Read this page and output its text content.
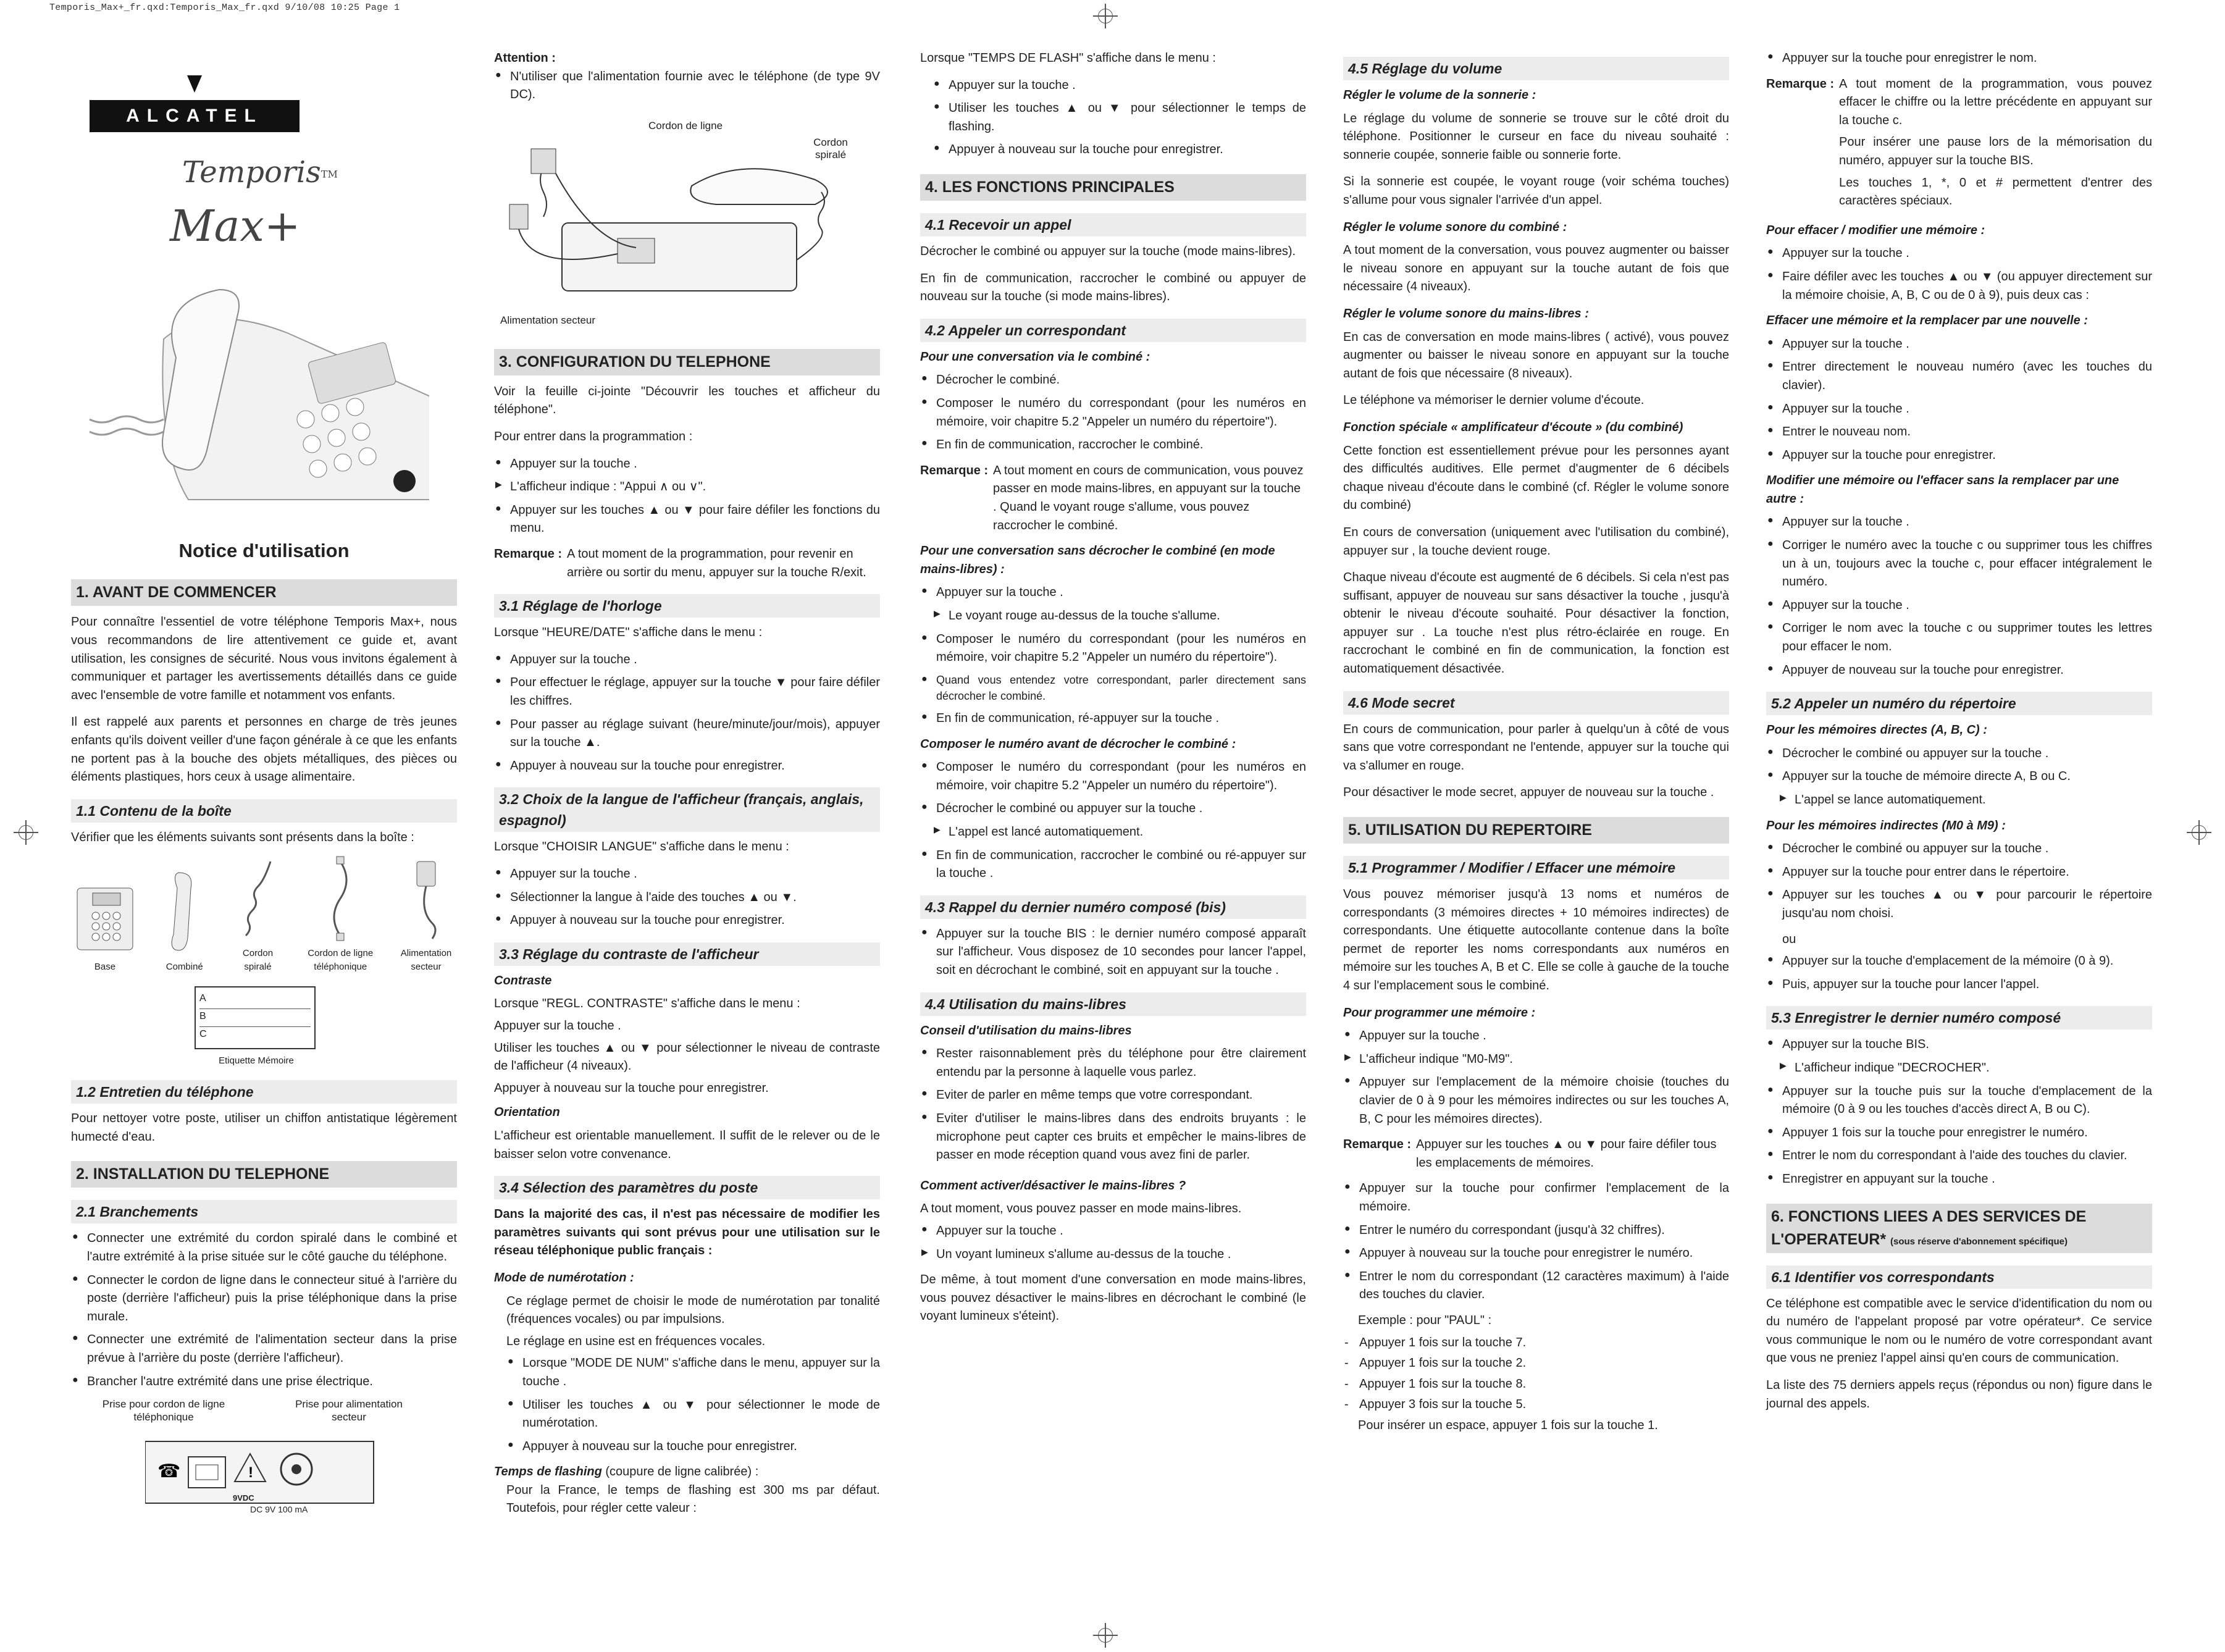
Temporis_Max+_fr.qxd:Temporis_Max_fr.qxd 9/10/08 10:25 Page 1
ALCATEL
Temporis™
Max+
Notice d'utilisation
1. AVANT DE COMMENCER

Pour connaître l'essentiel de votre téléphone Temporis Max+, nous vous recommandons de lire attentivement ce guide et, avant utilisation, les consignes de sécurité. Nous vous invitons également à communiquer et partager les avertissements détaillés dans ce guide avec l'ensemble de votre famille et notamment vos enfants.

Il est rappelé aux parents et personnes en charge de très jeunes enfants qu'ils doivent veiller d'une façon générale à ce que les enfants ne portent pas à la bouche des objets métalliques, des pièces ou éléments plastiques, hors ceux à usage alimentaire.

1.1 Contenu de la boîte

Vérifier que les éléments suivants sont présents dans la boîte :

Base	Combiné
Cordon spiralé
Cordon de ligne téléphonique
Alimentation secteur
A
B
C
Etiquette Mémoire
1.2 Entretien du téléphone

Pour nettoyer votre poste, utiliser un chiffon antistatique légèrement humecté d'eau.

2. INSTALLATION DU TELEPHONE
2.1 Branchements
● Connecter une extrémité du cordon spiralé dans le combiné et l'autre extrémité à la prise située sur le côté gauche du téléphone.
● Connecter le cordon de ligne dans le connecteur situé à l'arrière du poste (derrière l'afficheur) puis la prise téléphonique dans la prise murale.
● Connecter une extrémité de l'alimentation secteur dans la prise prévue à l'arrière du poste (derrière l'afficheur).
● Brancher l'autre extrémité dans une prise électrique.
Prise pour cordon de ligne téléphonique
Prise pour alimentation secteur
☎	!
9VDC
DC 9V 100 mA
Attention :
● N'utiliser que l'alimentation fournie avec le téléphone (de type 9V DC).
Cordon de ligne
Cordon spiralé
Alimentation secteur
3. CONFIGURATION DU TELEPHONE

Voir la feuille ci-jointe "Découvrir les touches et afficheur du téléphone".

Pour entrer dans la programmation :

● Appuyer sur la touche .
▶ L'afficheur indique : "Appui ∧ ou ∨".
● Appuyer sur les touches ▲ ou ▼ pour faire défiler les fonctions du menu.
Remarque : A tout moment de la programmation, pour revenir en arrière ou sortir du menu, appuyer sur la touche R/exit.
3.1 Réglage de l'horloge

Lorsque "HEURE/DATE" s'affiche dans le menu :

● Appuyer sur la touche .
● Pour effectuer le réglage, appuyer sur la touche ▼ pour faire défiler les chiffres.
● Pour passer au réglage suivant (heure/minute/jour/mois), appuyer sur la touche ▲.
● Appuyer à nouveau sur la touche pour enregistrer.
3.2 Choix de la langue de l'afficheur (français, anglais, espagnol)

Lorsque "CHOISIR LANGUE" s'affiche dans le menu :

● Appuyer sur la touche .
● Sélectionner la langue à l'aide des touches ▲ ou ▼.
● Appuyer à nouveau sur la touche pour enregistrer.
3.3 Réglage du contraste de l'afficheur
Contraste

Lorsque "REGL. CONTRASTE" s'affiche dans le menu :

Appuyer sur la touche .

Utiliser les touches ▲ ou ▼ pour sélectionner le niveau de contraste de l'afficheur (4 niveaux).

Appuyer à nouveau sur la touche pour enregistrer.

Orientation

L'afficheur est orientable manuellement. Il suffit de le relever ou de le baisser selon votre convenance.

3.4 Sélection des paramètres du poste

Dans la majorité des cas, il n'est pas nécessaire de modifier les paramètres suivants qui sont prévus pour une utilisation sur le réseau téléphonique public français :

Mode de numérotation :

Ce réglage permet de choisir le mode de numérotation par tonalité (fréquences vocales) ou par impulsions.

Le réglage en usine est en fréquences vocales.

● Lorsque "MODE DE NUM" s'affiche dans le menu, appuyer sur la touche .
● Utiliser les touches ▲ ou ▼ pour sélectionner le mode de numérotation.
● Appuyer à nouveau sur la touche pour enregistrer.
Temps de flashing (coupure de ligne calibrée) :

Pour la France, le temps de flashing est 300 ms par défaut. Toutefois, pour régler cette valeur :

Lorsque "TEMPS DE FLASH" s'affiche dans le menu :

● Appuyer sur la touche .
● Utiliser les touches ▲ ou ▼ pour sélectionner le temps de flashing.
● Appuyer à nouveau sur la touche pour enregistrer.
4. LES FONCTIONS PRINCIPALES
4.1 Recevoir un appel

Décrocher le combiné ou appuyer sur la touche (mode mains-libres).

En fin de communication, raccrocher le combiné ou appuyer de nouveau sur la touche (si mode mains-libres).

4.2 Appeler un correspondant
Pour une conversation via le combiné :
● Décrocher le combiné.
● Composer le numéro du correspondant (pour les numéros en mémoire, voir chapitre 5.2 "Appeler un numéro du répertoire").
● En fin de communication, raccrocher le combiné.
Remarque : A tout moment en cours de communication, vous pouvez passer en mode mains-libres, en appuyant sur la touche . Quand le voyant rouge s'allume, vous pouvez raccrocher le combiné.
Pour une conversation sans décrocher le combiné (en mode mains-libres) :
● Appuyer sur la touche .
▶ Le voyant rouge au-dessus de la touche s'allume.
● Composer le numéro du correspondant (pour les numéros en mémoire, voir chapitre 5.2 "Appeler un numéro du répertoire").
● Quand vous entendez votre correspondant, parler directement sans décrocher le combiné.
● En fin de communication, ré-appuyer sur la touche .
Composer le numéro avant de décrocher le combiné :
● Composer le numéro du correspondant (pour les numéros en mémoire, voir chapitre 5.2 "Appeler un numéro du répertoire").
● Décrocher le combiné ou appuyer sur la touche .
▶ L'appel est lancé automatiquement.
● En fin de communication, raccrocher le combiné ou ré-appuyer sur la touche .
4.3 Rappel du dernier numéro composé (bis)
● Appuyer sur la touche BIS : le dernier numéro composé apparaît sur l'afficheur. Vous disposez de 10 secondes pour lancer l'appel, soit en décrochant le combiné, soit en appuyant sur la touche .
4.4 Utilisation du mains-libres
Conseil d'utilisation du mains-libres
● Rester raisonnablement près du téléphone pour être clairement entendu par la personne à laquelle vous parlez.
● Eviter de parler en même temps que votre correspondant.
● Eviter d'utiliser le mains-libres dans des endroits bruyants : le microphone peut capter ces bruits et empêcher le mains-libres de passer en mode réception quand vous avez fini de parler.
Comment activer/désactiver le mains-libres ?

A tout moment, vous pouvez passer en mode mains-libres.

● Appuyer sur la touche .
▶ Un voyant lumineux s'allume au-dessus de la touche .

De même, à tout moment d'une conversation en mode mains-libres, vous pouvez désactiver le mains-libres en décrochant le combiné (le voyant lumineux s'éteint).

4.5 Réglage du volume
Régler le volume de la sonnerie :

Le réglage du volume de sonnerie se trouve sur le côté droit du téléphone. Positionner le curseur en face du niveau souhaité : sonnerie coupée, sonnerie faible ou sonnerie forte.

Si la sonnerie est coupée, le voyant rouge (voir schéma touches) s'allume pour vous signaler l'arrivée d'un appel.

Régler le volume sonore du combiné :

A tout moment de la conversation, vous pouvez augmenter ou baisser le niveau sonore en appuyant sur la touche autant de fois que nécessaire (4 niveaux).

Régler le volume sonore du mains-libres :

En cas de conversation en mode mains-libres ( activé), vous pouvez augmenter ou baisser le niveau sonore en appuyant sur la touche autant de fois que nécessaire (8 niveaux).

Le téléphone va mémoriser le dernier volume d'écoute.

Fonction spéciale « amplificateur d'écoute » (du combiné)

Cette fonction est essentiellement prévue pour les personnes ayant des difficultés auditives. Elle permet d'augmenter de 6 décibels chaque niveau d'écoute dans le combiné (cf. Régler le volume sonore du combiné)

En cours de conversation (uniquement avec l'utilisation du combiné), appuyer sur , la touche devient rouge.

Chaque niveau d'écoute est augmenté de 6 décibels. Si cela n'est pas suffisant, appuyer de nouveau sur sans désactiver la touche , jusqu'à obtenir le niveau d'écoute souhaité. Pour désactiver la fonction, appuyer sur . La touche n'est plus rétro-éclairée en rouge. En raccrochant le combiné en fin de communication, la fonction est automatiquement désactivée.

4.6 Mode secret

En cours de communication, pour parler à quelqu'un à côté de vous sans que votre correspondant ne l'entende, appuyer sur la touche qui va s'allumer en rouge.

Pour désactiver le mode secret, appuyer de nouveau sur la touche .

5. UTILISATION DU REPERTOIRE
5.1 Programmer / Modifier / Effacer une mémoire

Vous pouvez mémoriser jusqu'à 13 noms et numéros de correspondants (3 mémoires directes + 10 mémoires indirectes) de correspondants. Une étiquette autocollante contenue dans la boîte permet de reporter les noms correspondants aux numéros en mémoire sur les touches A, B et C. Elle se colle à gauche de la touche 4 sur l'emplacement sous le combiné.

Pour programmer une mémoire :
● Appuyer sur la touche .
▶ L'afficheur indique "M0-M9".
● Appuyer sur l'emplacement de la mémoire choisie (touches du clavier de 0 à 9 pour les mémoires indirectes ou sur les touches A, B, C pour les mémoires directes).
Remarque : Appuyer sur les touches ▲ ou ▼ pour faire défiler tous les emplacements de mémoires.
● Appuyer sur la touche pour confirmer l'emplacement de la mémoire.
● Entrer le numéro du correspondant (jusqu'à 32 chiffres).
● Appuyer à nouveau sur la touche pour enregistrer le numéro.
● Entrer le nom du correspondant (12 caractères maximum) à l'aide des touches du clavier.

Exemple : pour "PAUL" :

- Appuyer 1 fois sur la touche 7.
- Appuyer 1 fois sur la touche 2.
- Appuyer 1 fois sur la touche 8.
- Appuyer 3 fois sur la touche 5.

Pour insérer un espace, appuyer 1 fois sur la touche 1.

● Appuyer sur la touche pour enregistrer le nom.
Remarque : A tout moment de la programmation, vous pouvez effacer le chiffre ou la lettre précédente en appuyant sur la touche c.

Pour insérer une pause lors de la mémorisation du numéro, appuyer sur la touche BIS.

Les touches 1, *, 0 et # permettent d'entrer des caractères spéciaux.

Pour effacer / modifier une mémoire :
● Appuyer sur la touche .
● Faire défiler avec les touches ▲ ou ▼ (ou appuyer directement sur la mémoire choisie, A, B, C ou de 0 à 9), puis deux cas :
Effacer une mémoire et la remplacer par une nouvelle :
● Appuyer sur la touche .
● Entrer directement le nouveau numéro (avec les touches du clavier).
● Appuyer sur la touche .
● Entrer le nouveau nom.
● Appuyer sur la touche pour enregistrer.
Modifier une mémoire ou l'effacer sans la remplacer par une autre :
● Appuyer sur la touche .
● Corriger le numéro avec la touche c ou supprimer tous les chiffres un à un, toujours avec la touche c, pour effacer intégralement le numéro.
● Appuyer sur la touche .
● Corriger le nom avec la touche c ou supprimer toutes les lettres pour effacer le nom.
● Appuyer de nouveau sur la touche pour enregistrer.
5.2 Appeler un numéro du répertoire
Pour les mémoires directes (A, B, C) :
● Décrocher le combiné ou appuyer sur la touche .
● Appuyer sur la touche de mémoire directe A, B ou C.
▶ L'appel se lance automatiquement.
Pour les mémoires indirectes (M0 à M9) :
● Décrocher le combiné ou appuyer sur la touche .
● Appuyer sur la touche pour entrer dans le répertoire.
● Appuyer sur les touches ▲ ou ▼ pour parcourir le répertoire jusqu'au nom choisi.

ou

● Appuyer sur la touche d'emplacement de la mémoire (0 à 9).
● Puis, appuyer sur la touche pour lancer l'appel.
5.3 Enregistrer le dernier numéro composé
● Appuyer sur la touche BIS.
▶ L'afficheur indique "DECROCHER".
● Appuyer sur la touche puis sur la touche d'emplacement de la mémoire (0 à 9 ou les touches d'accès direct A, B ou C).
● Appuyer 1 fois sur la touche pour enregistrer le numéro.
● Entrer le nom du correspondant à l'aide des touches du clavier.
● Enregistrer en appuyant sur la touche .
6. FONCTIONS LIEES A DES SERVICES DE L'OPERATEUR* (sous réserve d'abonnement spécifique)
6.1 Identifier vos correspondants

Ce téléphone est compatible avec le service d'identification du nom ou du numéro de l'appelant proposé par votre opérateur*. Ce service vous communique le nom ou le numéro de votre correspondant avant que vous ne preniez l'appel ainsi qu'en cours de communication.

La liste des 75 derniers appels reçus (répondus ou non) figure dans le journal des appels.
